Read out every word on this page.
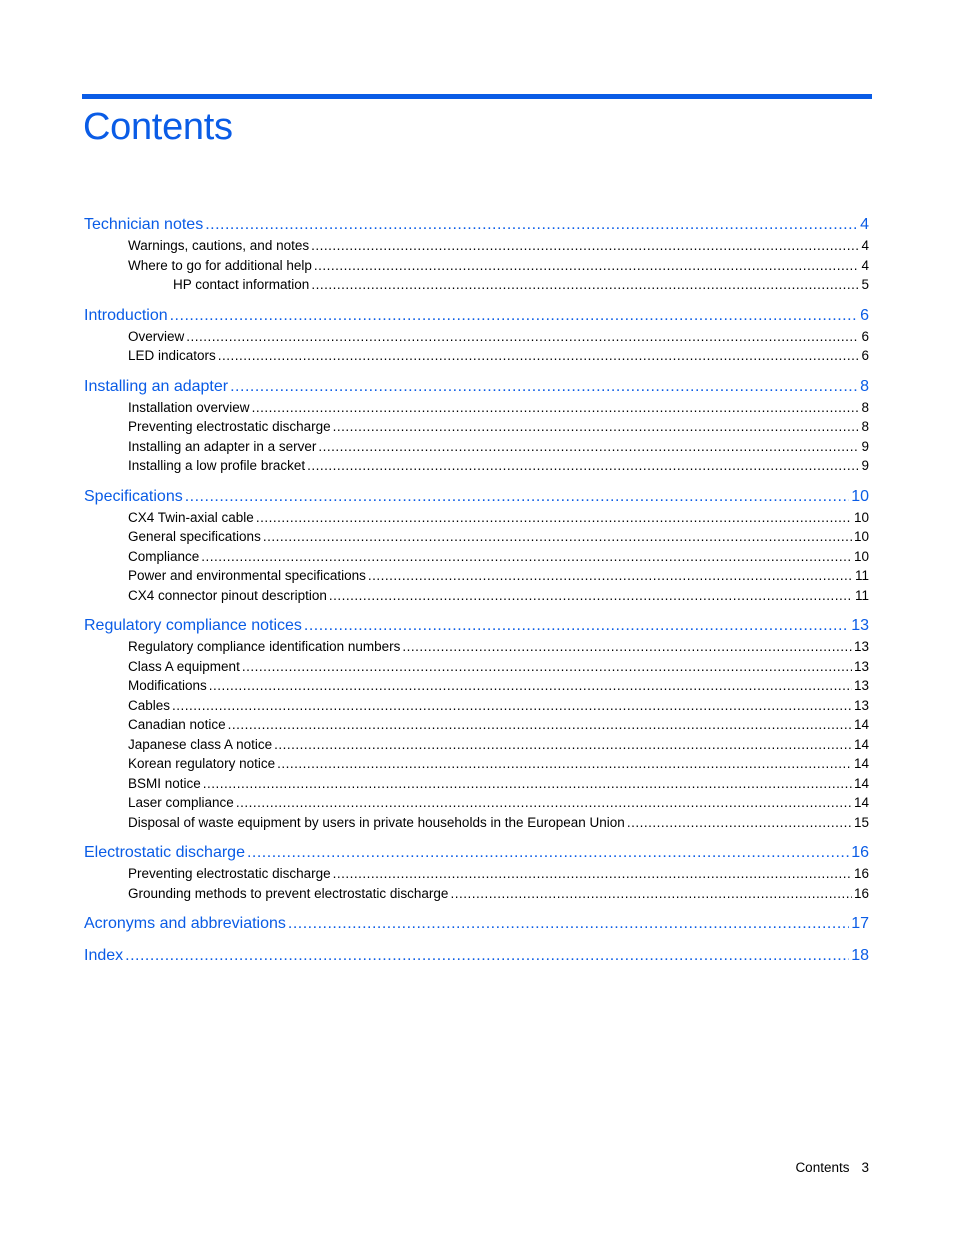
Contents
Technician notes .....	4
Warnings, cautions, and notes .....	4
Where to go for additional help .....	4
HP contact information .....	5
Introduction .....	6
Overview .....	6
LED indicators .....	6
Installing an adapter .....	8
Installation overview .....	8
Preventing electrostatic discharge .....	8
Installing an adapter in a server .....	9
Installing a low profile bracket .....	9
Specifications .....	10
CX4 Twin-axial cable .....	10
General specifications .....	10
Compliance .....	10
Power and environmental specifications .....	11
CX4 connector pinout description .....	11
Regulatory compliance notices .....	13
Regulatory compliance identification numbers .....	13
Class A equipment .....	13
Modifications .....	13
Cables .....	13
Canadian notice .....	14
Japanese class A notice .....	14
Korean regulatory notice .....	14
BSMI notice .....	14
Laser compliance .....	14
Disposal of waste equipment by users in private households in the European Union .....	15
Electrostatic discharge .....	16
Preventing electrostatic discharge .....	16
Grounding methods to prevent electrostatic discharge .....	16
Acronyms and abbreviations .....	17
Index .....	18
Contents 3
